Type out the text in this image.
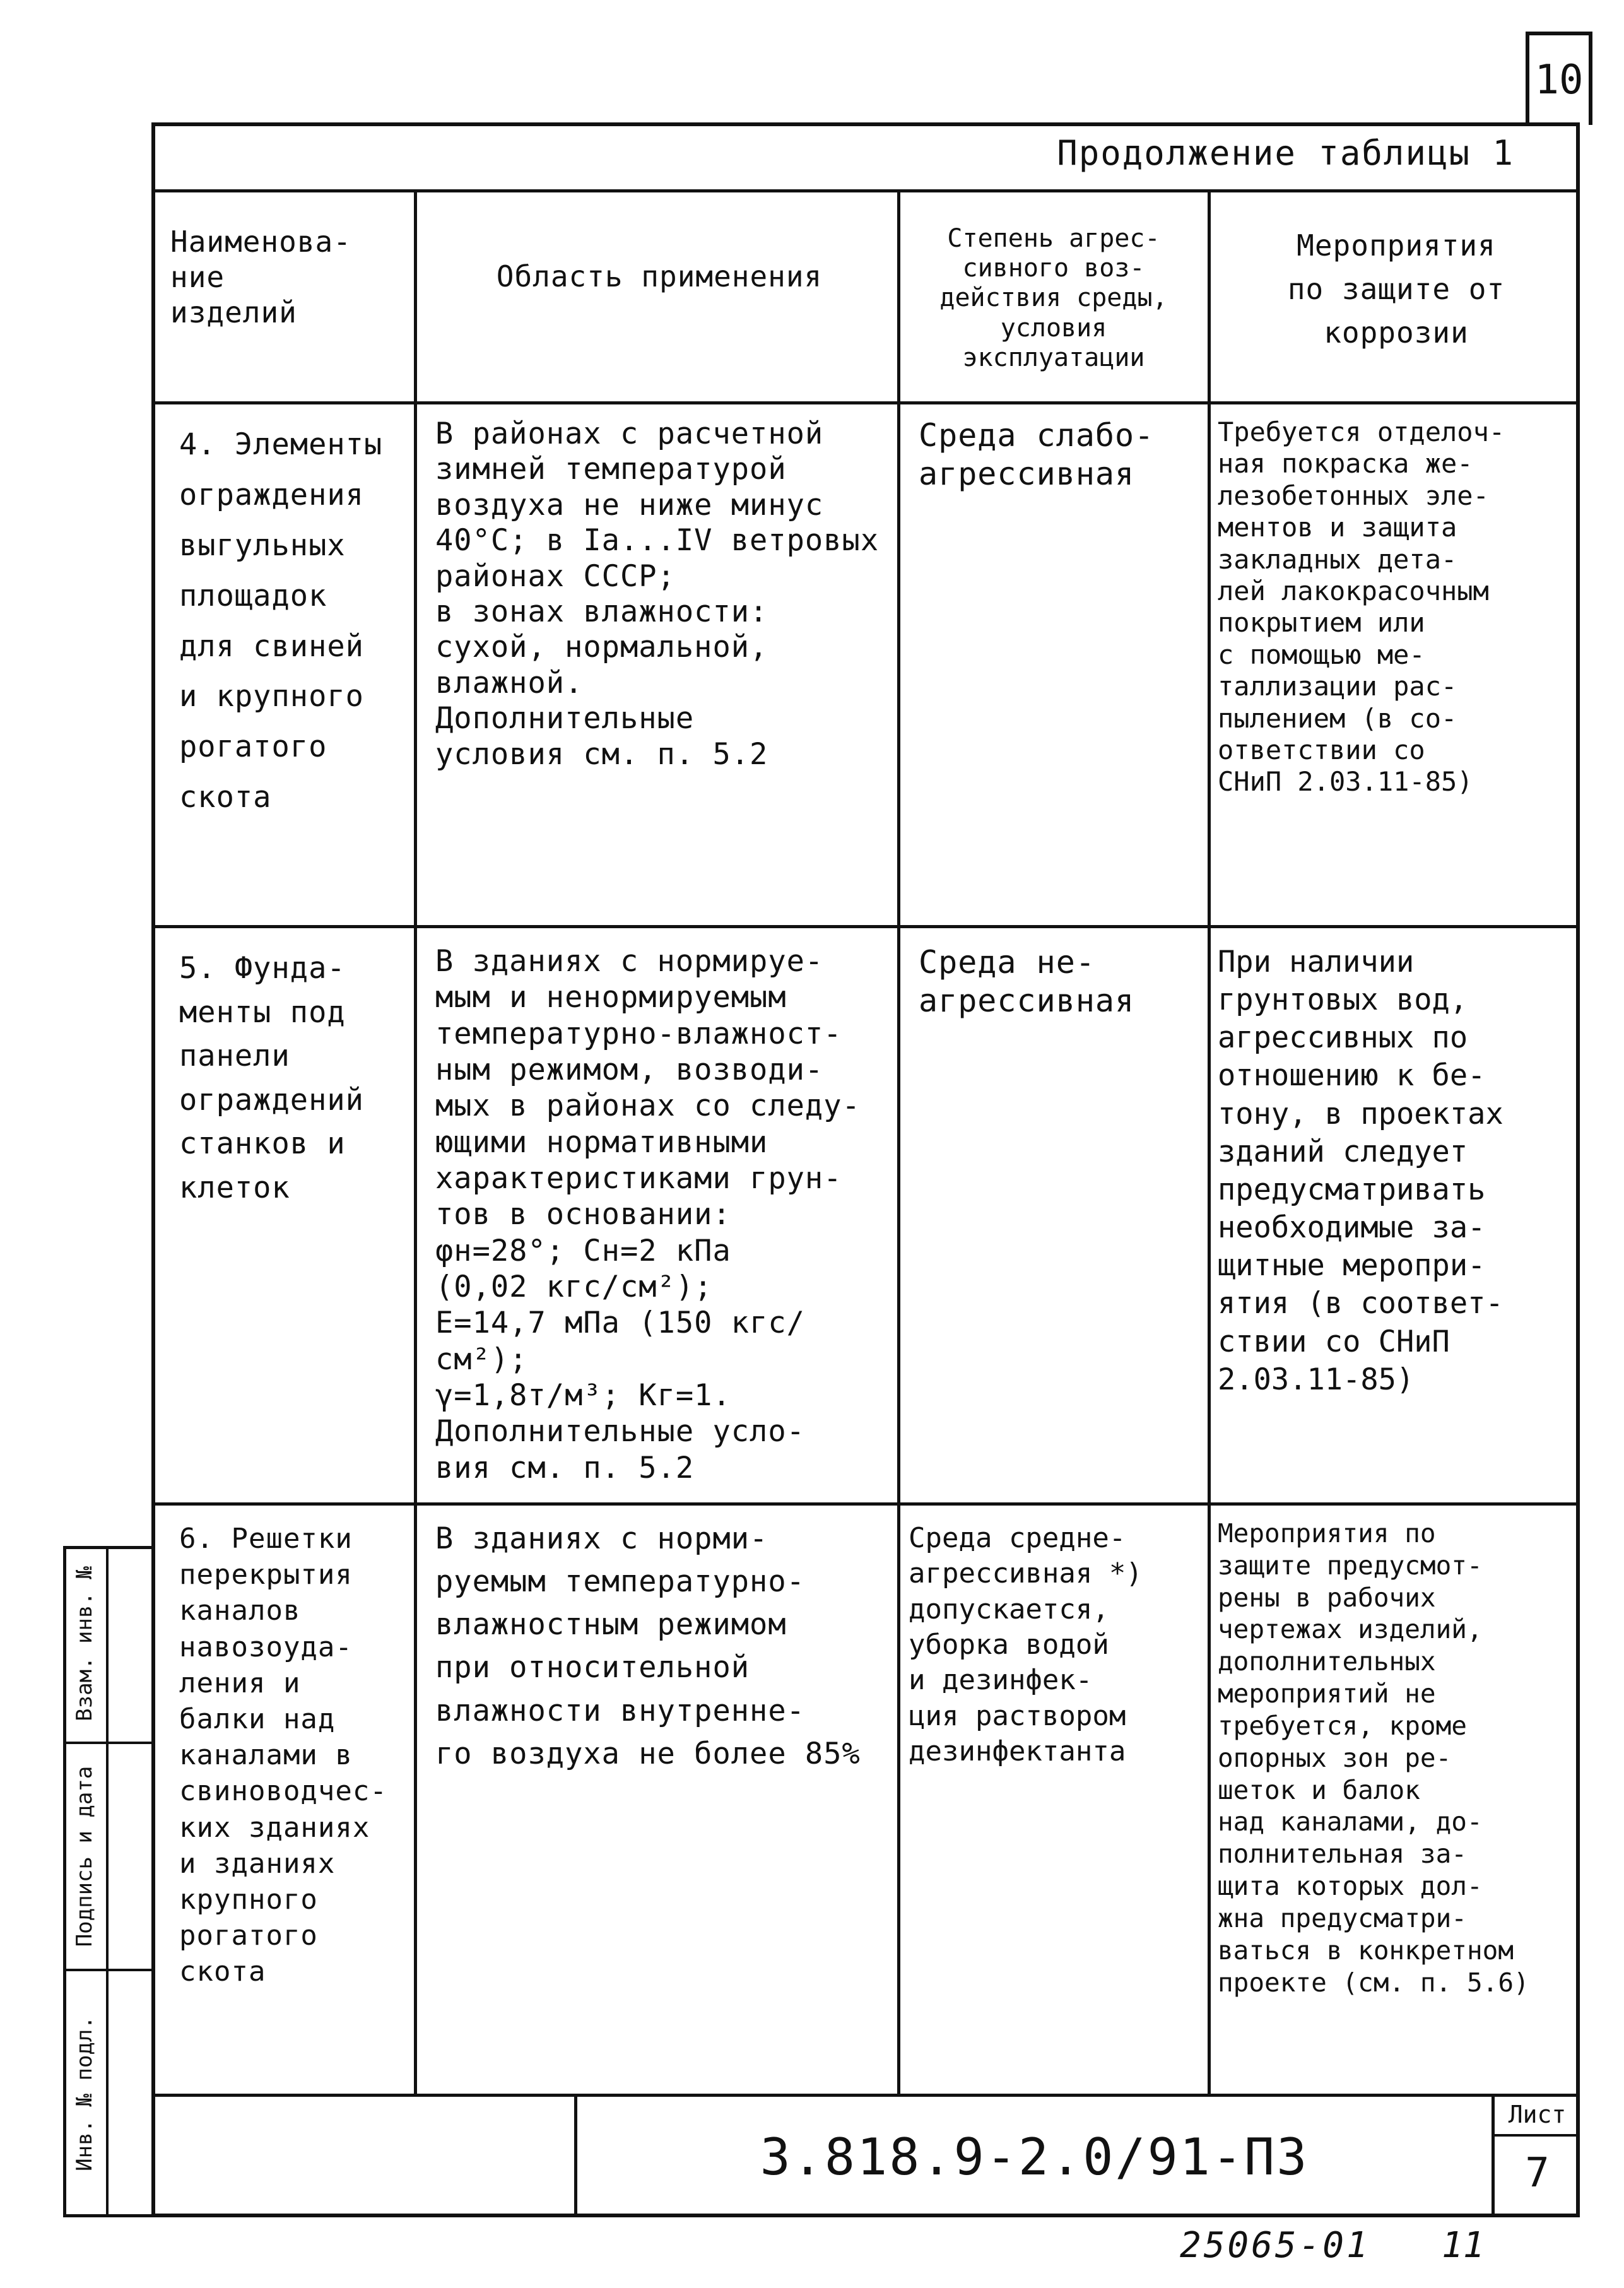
10
Продолжение таблицы 1
Наименова-
ние
изделий
Область применения
Степень агрес-
сивного воз-
действия среды,
условия
эксплуатации
Мероприятия
по защите от
коррозии
4. Элементы
ограждения
выгульных
площадок
для свиней
и крупного
рогатого
скота
В районах с расчетной
зимней температурой
воздуха не ниже минус
40°С; в Iа...IV ветровых
районах СССР;
в зонах влажности:
сухой, нормальной,
влажной.
Дополнительные
условия см. п. 5.2
Среда слабо-
агрессивная
Требуется отделоч-
ная покраска же-
лезобетонных эле-
ментов и защита
закладных дета-
лей лакокрасочным
покрытием или
с помощью ме-
таллизации рас-
пылением (в со-
ответствии со
СНиП 2.03.11-85)
5. Фунда-
менты под
панели
ограждений
станков и
клеток
В зданиях с нормируе-
мым и ненормируемым
температурно-влажност-
ным режимом, возводи-
мых в районах со следу-
ющими нормативными
характеристиками грун-
тов в основании:
φн=28°; Сн=2 кПа
(0,02 кгс/см²);
Е=14,7 мПа (150 кгс/см²);
γ=1,8т/м³; Кг=1.
Дополнительные усло-
вия см. п. 5.2
Среда не-
агрессивная
При наличии
грунтовых вод,
агрессивных по
отношению к бе-
тону, в проектах
зданий следует
предусматривать
необходимые за-
щитные меропри-
ятия (в соответ-
ствии со СНиП
2.03.11-85)
6. Решетки
перекрытия
каналов
навозоуда-
ления и
балки над
каналами в
свиноводчес-
ких зданиях
и зданиях
крупного
рогатого
скота
В зданиях с норми-
руемым температурно-
влажностным режимом
при относительной
влажности внутренне-
го воздуха не более 85%
Среда средне-
агрессивная *)
допускается,
уборка водой
и дезинфек-
ция раствором
дезинфектанта
Мероприятия по
защите предусмот-
рены в рабочих
чертежах изделий,
дополнительных
мероприятий не
требуется, кроме
опорных зон ре-
шеток и балок
над каналами, до-
полнительная за-
щита которых дол-
жна предусматри-
ваться в конкретном
проекте (см. п. 5.6)
Взам. инв. №
Подпись и дата
Инв. № подл.	3.818.9-2.0/91-П3
Лист
7
25065-01	11
